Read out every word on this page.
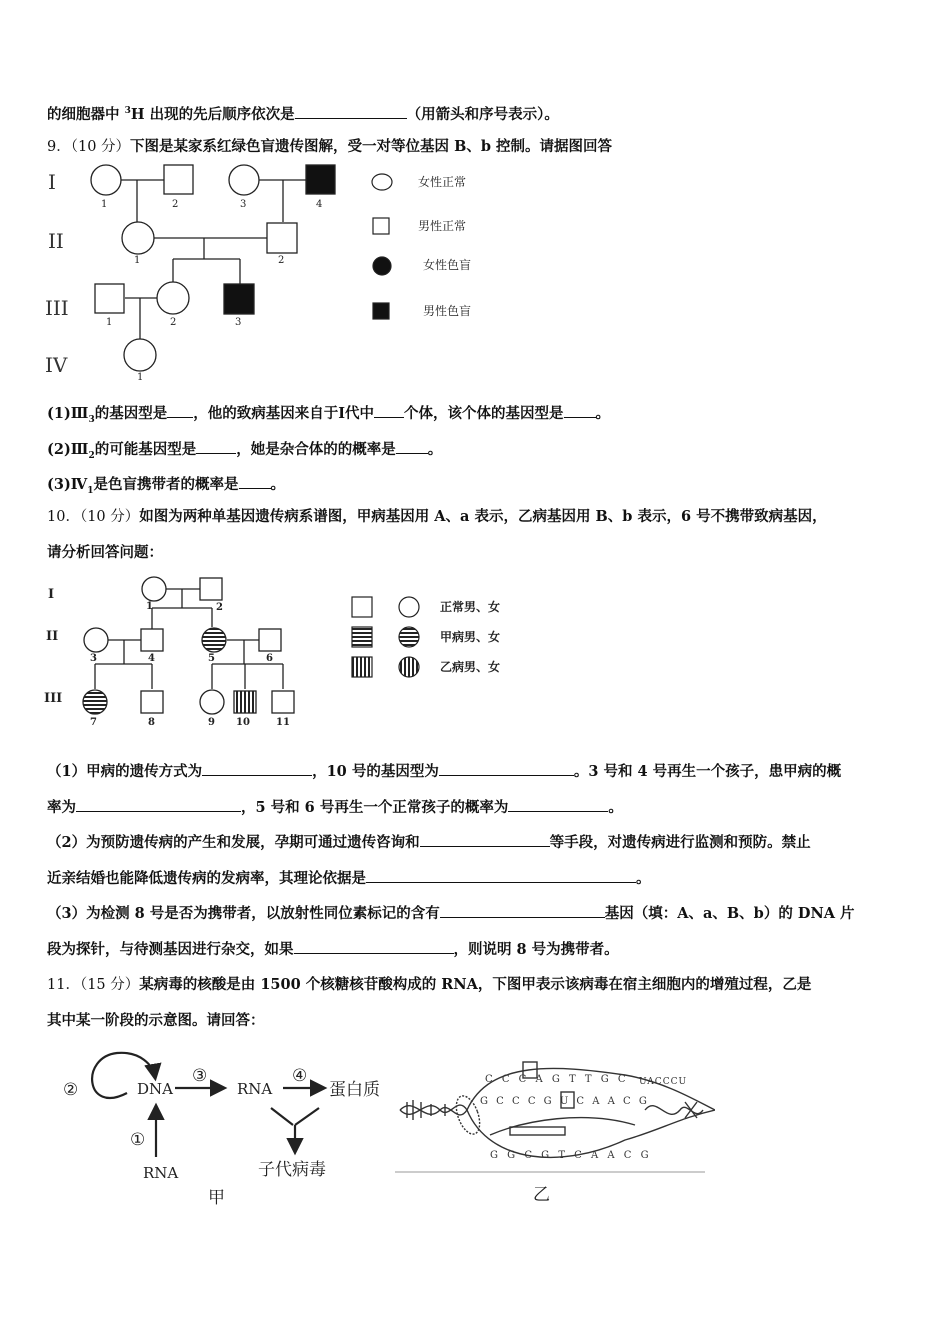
的细胞器中 $^3$H 出现的先后顺序依次是	（用箭头和序号表示）。
9．（10 分）下图是某家系红绿色盲遗传图解，受一对等位基因 B、b 控制。请据图回答
I
II
III
IV
1	2	3	4
1	2
1	2	3
1
女性正常
男性正常
女性色盲
男性色盲
$(1)Ⅲ_3$的基因型是 ，他的致病基因来自于Ⅰ代中 个体，该个体的基因型是 。
$(2)Ⅲ_2$的可能基因型是	，她是杂合体的的概率是 。
$(3)Ⅳ_1$是色盲携带者的概率是 。
10．（10 分）如图为两种单基因遗传病系谱图，甲病基因用 A、a 表示，乙病基因用 B、b 表示，6 号不携带致病基因，
请分析回答问题：
I
II
III
1	2
3	4	5	6
7	8	9 10	11
正常男、女
甲病男、女
乙病男、女
（1）甲病的遗传方式为	，10 号的基因型为	。3 号和 4 号再生一个孩子，患甲病的概
率为	，5 号和 6 号再生一个正常孩子的概率为	。
（2）为预防遗传病的产生和发展，孕期可通过遗传咨询和	等手段，对遗传病进行监测和预防。禁止
近亲结婚也能降低遗传病的发病率，其理论依据是	。
（3）为检测 8 号是否为携带者，以放射性同位素标记的含有	基因（填：A、a、B、b）的 DNA 片
段为探针，与待测基因进行杂交，如果	，则说明 8 号为携带者。
11．（15 分）某病毒的核酸是由 1500 个核糖核苷酸构成的 RNA，下图甲表示该病毒在宿主细胞内的增殖过程，乙是
其中某一阶段的示意图。请回答：
②	DNA
③
RNA
④
蛋白质
①
RNA	子代病毒
甲
C C C A G T T G C
G C C C G U C A A C G
G G C G T C A A C G
UACCCU
乙
